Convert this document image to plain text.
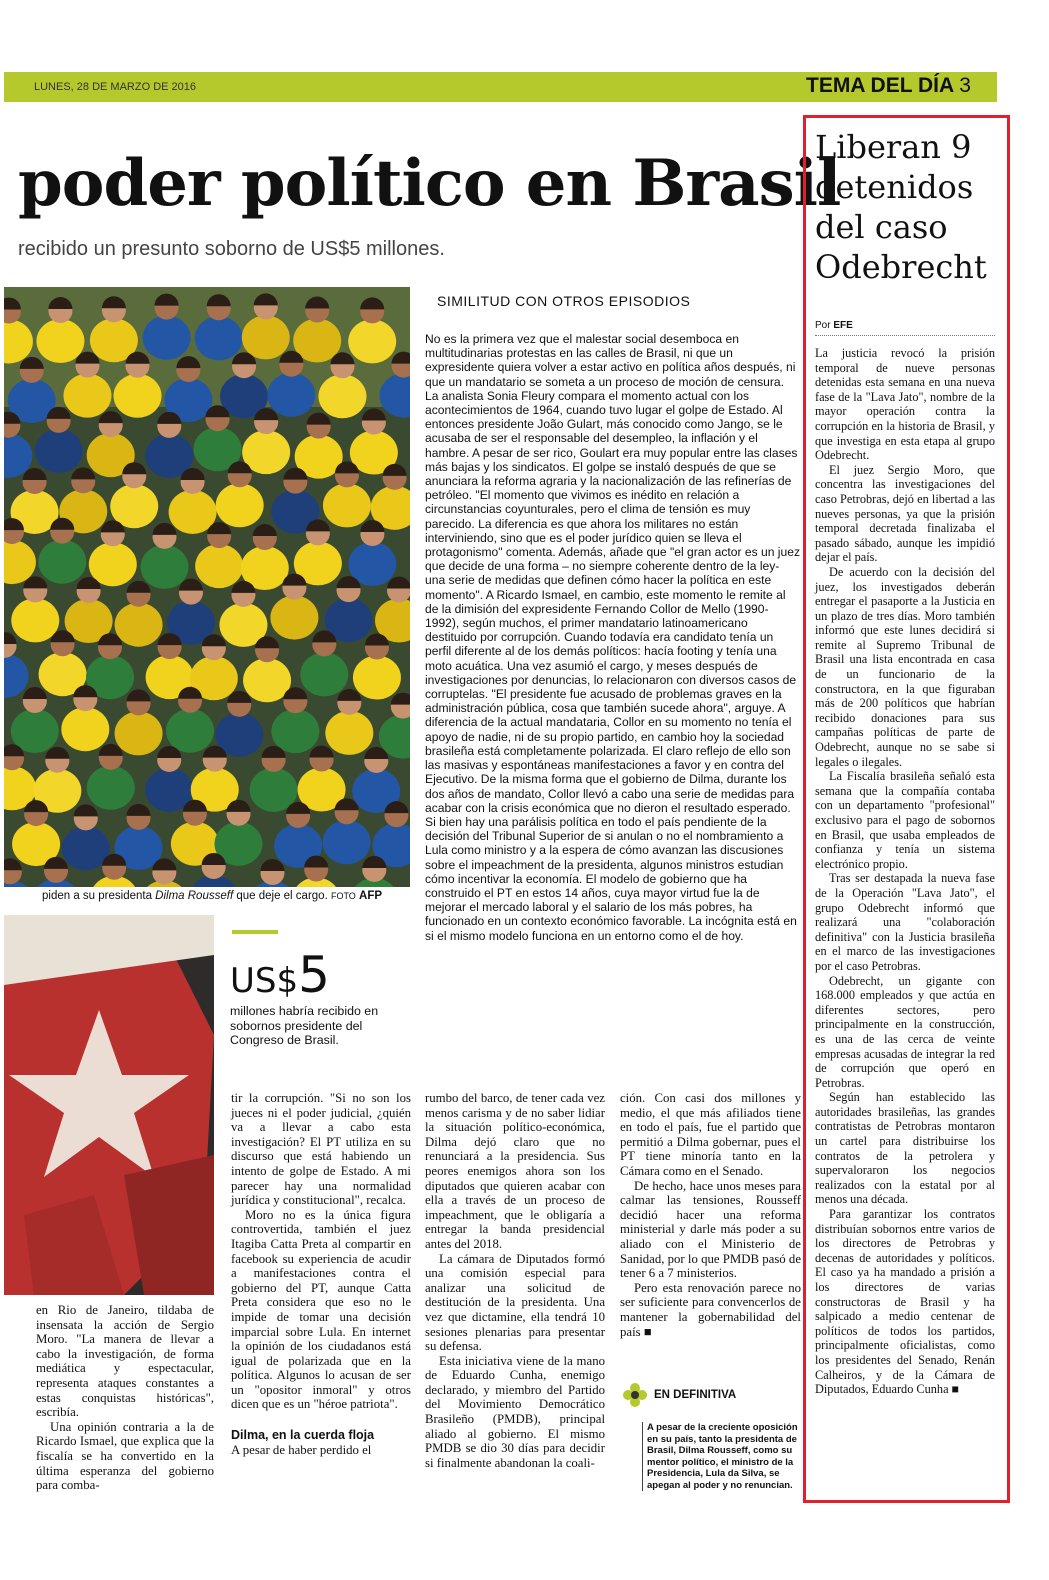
LUNES, 28 DE MARZO DE 2016	TEMA DEL DÍA 3
poder político en Brasil
recibido un presunto soborno de US$5 millones.
piden a su presidenta Dilma Rousseff que deje el cargo. FOTO AFP
SIMILITUD CON OTROS EPISODIOS
No es la primera vez que el malestar social desemboca en multitudinarias protestas en las calles de Brasil, ni que un expresidente quiera volver a estar activo en política años después, ni que un mandatario se someta a un proceso de moción de censura. La analista Sonia Fleury compara el momento actual con los acontecimientos de 1964, cuando tuvo lugar el golpe de Estado. Al entonces presidente João Gulart, más conocido como Jango, se le acusaba de ser el responsable del desempleo, la inflación y el hambre. A pesar de ser rico, Goulart era muy popular entre las clases más bajas y los sindicatos. El golpe se instaló después de que se anunciara la reforma agraria y la nacionalización de las refinerías de petróleo. "El momento que vivimos es inédito en relación a circunstancias coyunturales, pero el clima de tensión es muy parecido. La diferencia es que ahora los militares no están interviniendo, sino que es el poder jurídico quien se lleva el protagonismo" comenta. Además, añade que "el gran actor es un juez que decide de una forma – no siempre coherente dentro de la ley- una serie de medidas que definen cómo hacer la política en este momento". A Ricardo Ismael, en cambio, este momento le remite al de la dimisión del expresidente Fernando Collor de Mello (1990-1992), según muchos, el primer mandatario latinoamericano destituido por corrupción. Cuando todavía era candidato tenía un perfil diferente al de los demás políticos: hacía footing y tenía una moto acuática. Una vez asumió el cargo, y meses después de investigaciones por denuncias, lo relacionaron con diversos casos de corruptelas. "El presidente fue acusado de problemas graves en la administración pública, cosa que también sucede ahora", arguye. A diferencia de la actual mandataria, Collor en su momento no tenía el apoyo de nadie, ni de su propio partido, en cambio hoy la sociedad brasileña está completamente polarizada. El claro reflejo de ello son las masivas y espontáneas manifestaciones a favor y en contra del Ejecutivo. De la misma forma que el gobierno de Dilma, durante los dos años de mandato, Collor llevó a cabo una serie de medidas para acabar con la crisis económica que no dieron el resultado esperado. Si bien hay una parálisis política en todo el país pendiente de la decisión del Tribunal Superior de si anulan o no el nombramiento a Lula como ministro y a la espera de cómo avanzan las discusiones sobre el impeachment de la presidenta, algunos ministros estudian cómo incentivar la economía. El modelo de gobierno que ha construido el PT en estos 14 años, cuya mayor virtud fue la de mejorar el mercado laboral y el salario de los más pobres, ha funcionado en un contexto económico favorable. La incógnita está en si el mismo modelo funciona en un entorno como el de hoy.
US$5
millones habría recibido en sobornos presidente del Congreso de Brasil.

en Rio de Janeiro, tildaba de insensata la acción de Sergio Moro. "La manera de llevar a cabo la investigación, de forma mediática y espectacular, representa ataques constantes a estas conquistas históricas", escribía.

Una opinión contraria a la de Ricardo Ismael, que explica que la fiscalía se ha convertido en la última esperanza del gobierno para comba-

tir la corrupción. "Si no son los jueces ni el poder judicial, ¿quién va a llevar a cabo esta investigación? El PT utiliza en su discurso que está habiendo un intento de golpe de Estado. A mi parecer hay una normalidad jurídica y constitucional", recalca.

Moro no es la única figura controvertida, también el juez Itagiba Catta Preta al compartir en facebook su experiencia de acudir a manifestaciones contra el gobierno del PT, aunque Catta Preta considera que eso no le impide de tomar una decisión imparcial sobre Lula. En internet la opinión de los ciudadanos está igual de polarizada que en la política. Algunos lo acusan de ser un "opositor inmoral" y otros dicen que es un "héroe patriota".

Dilma, en la cuerda floja

A pesar de haber perdido el

rumbo del barco, de tener cada vez menos carisma y de no saber lidiar la situación político-económica, Dilma dejó claro que no renunciará a la presidencia. Sus peores enemigos ahora son los diputados que quieren acabar con ella a través de un proceso de impeachment, que le obligaría a entregar la banda presidencial antes del 2018.

La cámara de Diputados formó una comisión especial para analizar una solicitud de destitución de la presidenta. Una vez que dictamine, ella tendrá 10 sesiones plenarias para presentar su defensa.

Esta iniciativa viene de la mano de Eduardo Cunha, enemigo declarado, y miembro del Partido del Movimiento Democrático Brasileño (PMDB), principal aliado al gobierno. El mismo PMDB se dio 30 días para decidir si finalmente abandonan la coali-

ción. Con casi dos millones y medio, el que más afiliados tiene en todo el país, fue el partido que permitió a Dilma gobernar, pues el PT tiene minoría tanto en la Cámara como en el Senado.

De hecho, hace unos meses para calmar las tensiones, Rousseff decidió hacer una reforma ministerial y darle más poder a su aliado con el Ministerio de Sanidad, por lo que PMDB pasó de tener 6 a 7 ministerios.

Pero esta renovación parece no ser suficiente para convencerlos de mantener la gobernabilidad del país ■

EN DEFINITIVA
A pesar de la creciente oposición en su país, tanto la presidenta de Brasil, Dilma Rousseff, como su mentor político, el ministro de la Presidencia, Lula da Silva, se apegan al poder y no renuncian.
Liberan 9 detenidos del caso Odebrecht
Por EFE

La justicia revocó la prisión temporal de nueve personas detenidas esta semana en una nueva fase de la "Lava Jato", nombre de la mayor operación contra la corrupción en la historia de Brasil, y que investiga en esta etapa al grupo Odebrecht.

El juez Sergio Moro, que concentra las investigaciones del caso Petrobras, dejó en libertad a las nueves personas, ya que la prisión temporal decretada finalizaba el pasado sábado, aunque les impidió dejar el país.

De acuerdo con la decisión del juez, los investigados deberán entregar el pasaporte a la Justicia en un plazo de tres días. Moro también informó que este lunes decidirá si remite al Supremo Tribunal de Brasil una lista encontrada en casa de un funcionario de la constructora, en la que figuraban más de 200 políticos que habrían recibido donaciones para sus campañas políticas de parte de Odebrecht, aunque no se sabe si legales o ilegales.

La Fiscalía brasileña señaló esta semana que la compañía contaba con un departamento "profesional" exclusivo para el pago de sobornos en Brasil, que usaba empleados de confianza y tenía un sistema electrónico propio.

Tras ser destapada la nueva fase de la Operación "Lava Jato", el grupo Odebrecht informó que realizará una "colaboración definitiva" con la Justicia brasileña en el marco de las investigaciones por el caso Petrobras.

Odebrecht, un gigante con 168.000 empleados y que actúa en diferentes sectores, pero principalmente en la construcción, es una de las cerca de veinte empresas acusadas de integrar la red de corrupción que operó en Petrobras.

Según han establecido las autoridades brasileñas, las grandes contratistas de Petrobras montaron un cartel para distribuirse los contratos de la petrolera y supervaloraron los negocios realizados con la estatal por al menos una década.

Para garantizar los contratos distribuían sobornos entre varios de los directores de Petrobras y decenas de autoridades y políticos. El caso ya ha mandado a prisión a los directores de varias constructoras de Brasil y ha salpicado a medio centenar de políticos de todos los partidos, principalmente oficialistas, como los presidentes del Senado, Renán Calheiros, y de la Cámara de Diputados, Eduardo Cunha ■
